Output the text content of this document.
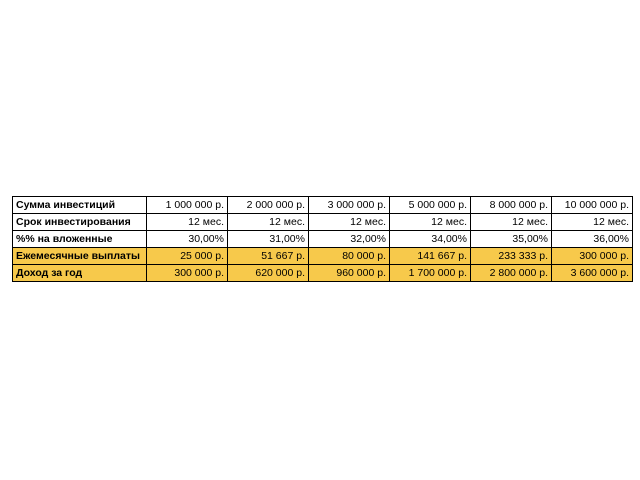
Сумма инвестиций	1 000 000 р.	2 000 000 р.	3 000 000 р.	5 000 000 р.	8 000 000 р.	10 000 000 р.
Срок инвестирования	12 мес.	12 мес.	12 мес.	12 мес.	12 мес.	12 мес.
%% на вложенные	30,00%	31,00%	32,00%	34,00%	35,00%	36,00%
Ежемесячные выплаты	25 000 р.	51 667 р.	80 000 р.	141 667 р.	233 333 р.	300 000 р.
Доход за год	300 000 р.	620 000 р.	960 000 р.	1 700 000 р.	2 800 000 р.	3 600 000 р.
